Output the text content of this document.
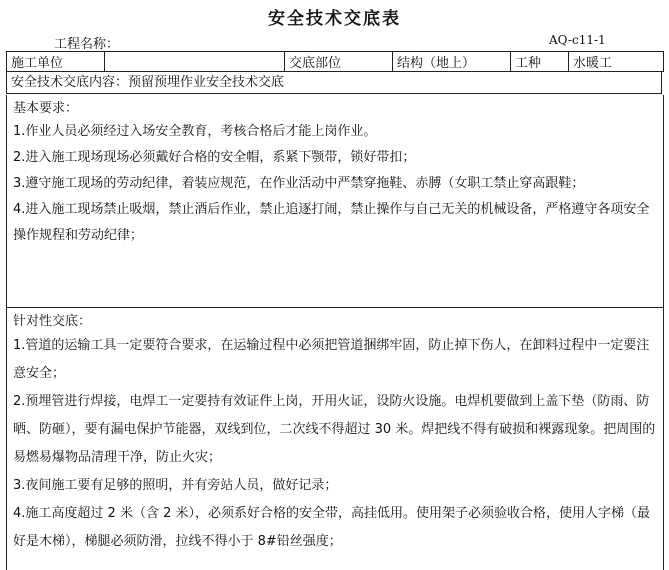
安全技术交底表
工程名称：	AQ-c11-1
施工单位		交底部位	结构（地上）	工种	水暖工
安全技术交底内容：预留预埋作业安全技术交底
基本要求：
1.作业人员必须经过入场安全教育，考核合格后才能上岗作业。
2.进入施工现场现场必须戴好合格的安全帽，系紧下颚带，锁好带扣；
3.遵守施工现场的劳动纪律，着装应规范，在作业活动中严禁穿拖鞋、赤膊（女职工禁止穿高跟鞋；
4.进入施工现场禁止吸烟，禁止酒后作业，禁止追逐打闹，禁止操作与自己无关的机械设备，严格遵守各项安全操作规程和劳动纪律；
针对性交底：
1.管道的运输工具一定要符合要求，在运输过程中必须把管道捆绑牢固，防止掉下伤人，在卸料过程中一定要注意安全；
2.预埋管进行焊接，电焊工一定要持有效证件上岗，开用火证，设防火设施。电焊机要做到上盖下垫（防雨、防晒、防砸），要有漏电保护节能器，双线到位，二次线不得超过 30 米。焊把线不得有破损和裸露现象。把周围的易燃易爆物品清理干净，防止火灾；
3.夜间施工要有足够的照明，并有旁站人员，做好记录；
4.施工高度超过 2 米（含 2 米），必须系好合格的安全带，高挂低用。使用架子必须验收合格，使用人字梯（最好是木梯），梯腿必须防滑，拉线不得小于 8#铅丝强度；
